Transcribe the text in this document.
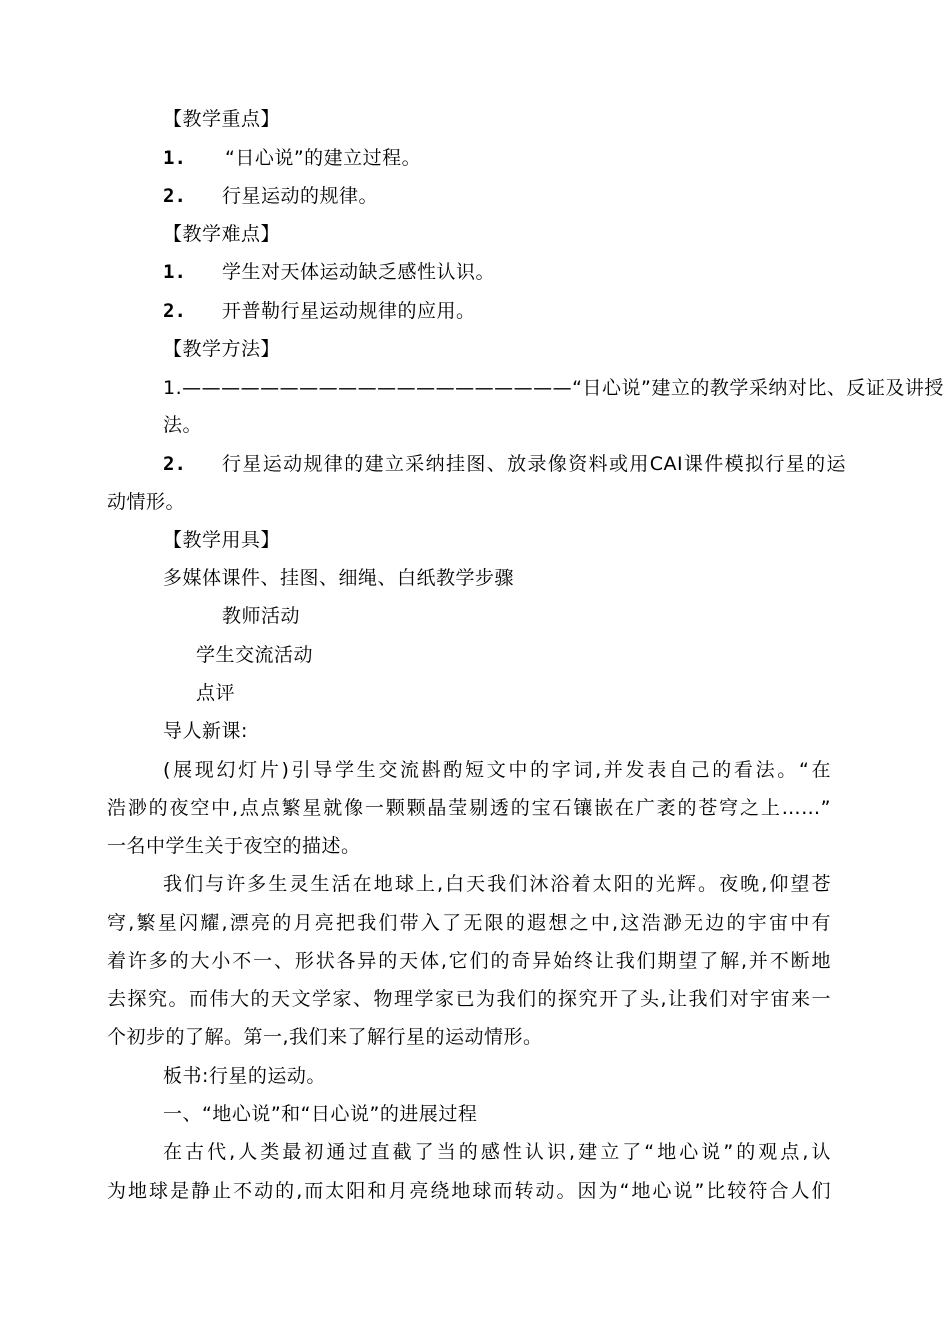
【教学重点】
1. “日心说”的建立过程。
2. 行星运动的规律。
【教学难点】
1. 学生对天体运动缺乏感性认识。
2. 开普勒行星运动规律的应用。
【教学方法】
1.————————————————————“日心说”建立的教学采纳对比、反证及讲授
法。
2. 行星运动规律的建立采纳挂图、放录像资料或用CAI课件模拟行星的运
动情形。
【教学用具】
多媒体课件、挂图、细绳、白纸教学步骤
教师活动
学生交流活动
点评
导人新课:
(展现幻灯片)引导学生交流斟酌短文中的字词,并发表自己的看法。“在
浩渺的夜空中,点点繁星就像一颗颗晶莹剔透的宝石镶嵌在广袤的苍穹之上……”
一名中学生关于夜空的描述。
我们与许多生灵生活在地球上,白天我们沐浴着太阳的光辉。夜晚,仰望苍
穹,繁星闪耀,漂亮的月亮把我们带入了无限的遐想之中,这浩渺无边的宇宙中有
着许多的大小不一、形状各异的天体,它们的奇异始终让我们期望了解,并不断地
去探究。而伟大的天文学家、物理学家已为我们的探究开了头,让我们对宇宙来一
个初步的了解。第一,我们来了解行星的运动情形。
板书:行星的运动。
一、“地心说”和“日心说”的进展过程
在古代,人类最初通过直截了当的感性认识,建立了“地心说”的观点,认
为地球是静止不动的,而太阳和月亮绕地球而转动。因为“地心说”比较符合人们
